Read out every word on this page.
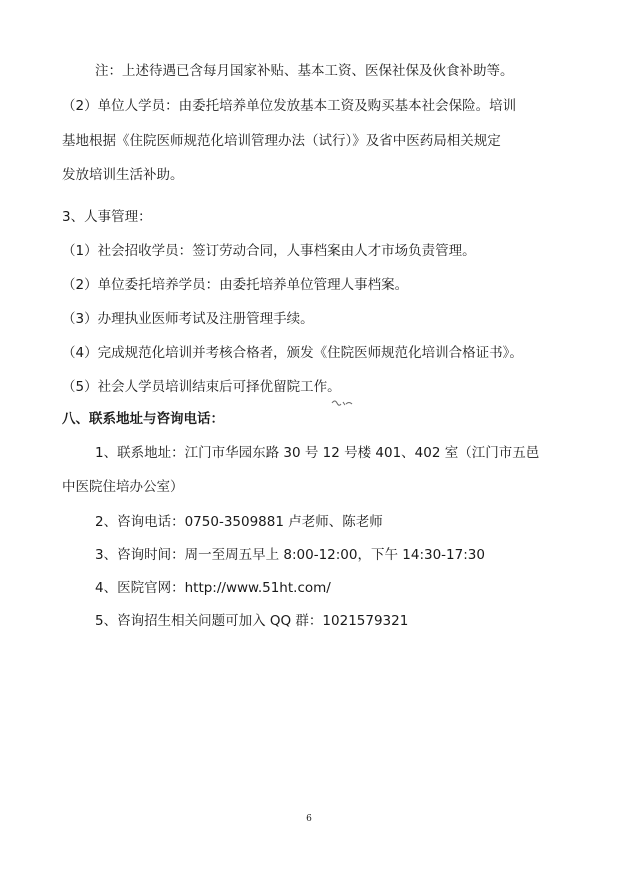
注：上述待遇已含每月国家补贴、基本工资、医保社保及伙食补助等。

（2）单位人学员：由委托培养单位发放基本工资及购买基本社会保险。培训

基地根据《住院医师规范化培训管理办法（试行）》及省中医药局相关规定

发放培训生活补助。

3、人事管理：

（1）社会招收学员：签订劳动合同，人事档案由人才市场负责管理。

（2）单位委托培养学员：由委托培养单位管理人事档案。

（3）办理执业医师考试及注册管理手续。

（4）完成规范化培训并考核合格者，颁发《住院医师规范化培训合格证书》。

（5）社会人学员培训结束后可择优留院工作。

八、联系地址与咨询电话：

1、联系地址：江门市华园东路 30 号 12 号楼 401、402 室（江门市五邑

中医院住培办公室）

2、咨询电话：0750-3509881 卢老师、陈老师

3、咨询时间：周一至周五早上 8:00-12:00，下午 14:30-17:30

4、医院官网：http://www.51ht.com/

5、咨询招生相关问题可加入 QQ 群：1021579321

6
